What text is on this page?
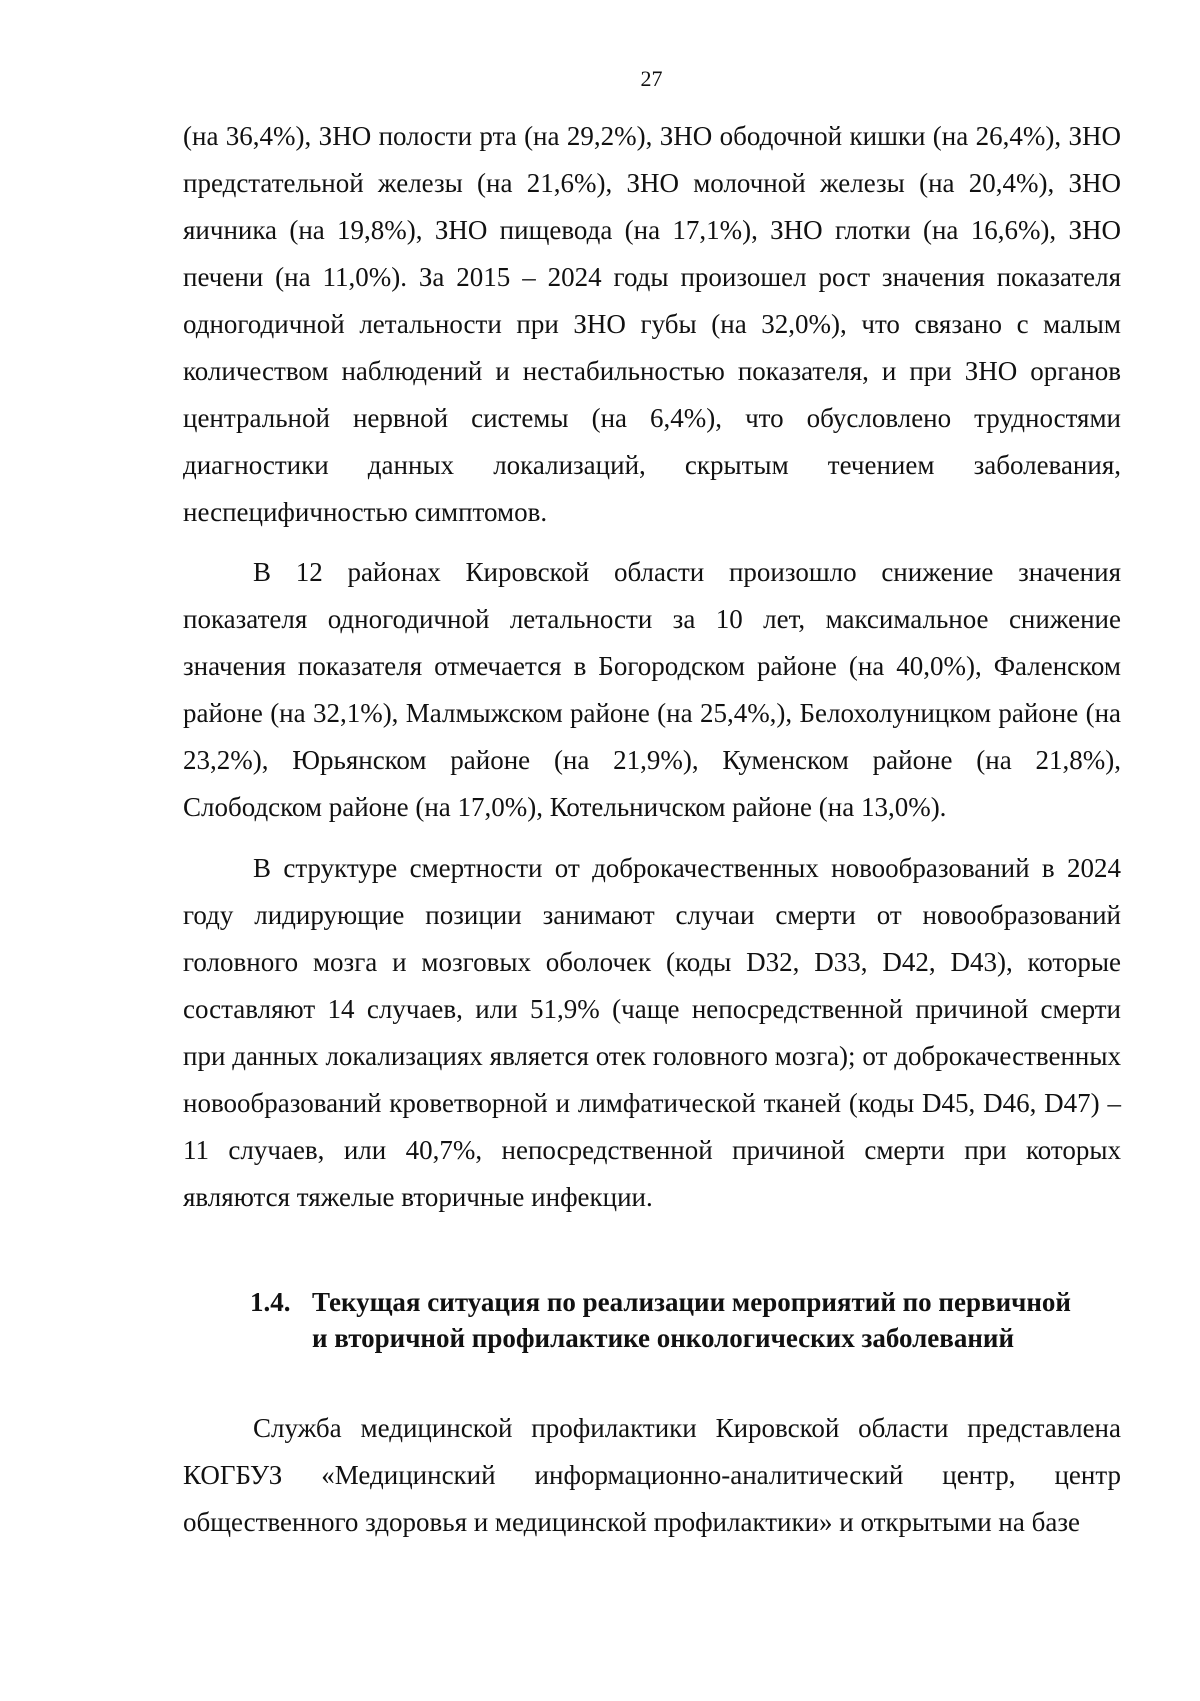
27

(на 36,4%), ЗНО полости рта (на 29,2%), ЗНО ободочной кишки (на 26,4%), ЗНО предстательной железы (на 21,6%), ЗНО молочной железы (на 20,4%), ЗНО яичника (на 19,8%), ЗНО пищевода (на 17,1%), ЗНО глотки (на 16,6%), ЗНО печени (на 11,0%). За 2015 – 2024 годы произошел рост значения показателя одногодичной летальности при ЗНО губы (на 32,0%), что связано с малым количеством наблюдений и нестабильностью показателя, и при ЗНО органов центральной нервной системы (на 6,4%), что обусловлено трудностями диагностики данных локализаций, скрытым течением заболевания, неспецифичностью симптомов.

В 12 районах Кировской области произошло снижение значения показателя одногодичной летальности за 10 лет, максимальное снижение значения показателя отмечается в Богородском районе (на 40,0%), Фаленском районе (на 32,1%), Малмыжском районе (на 25,4%,), Белохолуницком районе (на 23,2%), Юрьянском районе (на 21,9%), Куменском районе (на 21,8%), Слободском районе (на 17,0%), Котельничском районе (на 13,0%).

В структуре смертности от доброкачественных новообразований в 2024 году лидирующие позиции занимают случаи смерти от новообразований головного мозга и мозговых оболочек (коды D32, D33, D42, D43), которые составляют 14 случаев, или 51,9% (чаще непосредственной причиной смерти при данных локализациях является отек головного мозга); от доброкачественных новообразований кроветворной и лимфатической тканей (коды D45, D46, D47) – 11 случаев, или 40,7%, непосредственной причиной смерти при которых являются тяжелые вторичные инфекции.

1.4. Текущая ситуация по реализации мероприятий по первичной
и вторичной профилактике онкологических заболеваний

Служба медицинской профилактики Кировской области представлена КОГБУЗ «Медицинский информационно-аналитический центр, центр общественного здоровья и медицинской профилактики» и открытыми на базе
